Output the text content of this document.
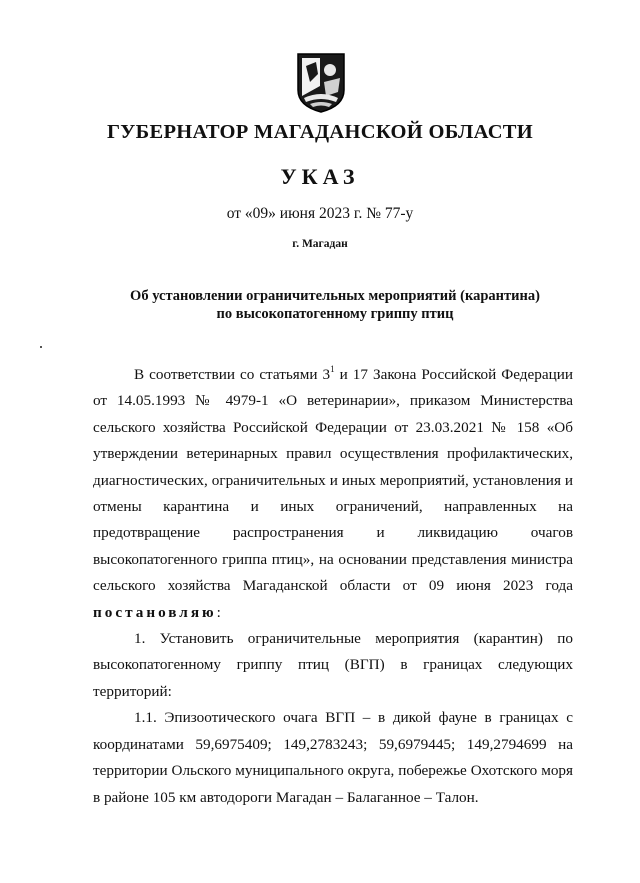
ГУБЕРНАТОР МАГАДАНСКОЙ ОБЛАСТИ
УКАЗ
от «09» июня 2023 г. № 77-у
г. Магадан
Об установлении ограничительных мероприятий (карантина)
по высокопатогенному гриппу птиц

В соответствии со статьями $3^1$ и 17 Закона Российской Федерации от 14.05.1993 № 4979-1 «О ветеринарии», приказом Министерства сельского хозяйства Российской Федерации от 23.03.2021 № 158 «Об утверждении ветеринарных правил осуществления профилактических, диагностических, ограничительных и иных мероприятий, установления и отмены карантина и иных ограничений, направленных на предотвращение распространения и ликвидацию очагов высокопатогенного гриппа птиц», на основании представления министра сельского хозяйства Магаданской области от 09 июня 2023 года постановляю:

1. Установить ограничительные мероприятия (карантин) по высокопатогенному гриппу птиц (ВГП) в границах следующих территорий:

1.1. Эпизоотического очага ВГП – в дикой фауне в границах с координатами 59,6975409; 149,2783243; 59,6979445; 149,2794699 на территории Ольского муниципального округа, побережье Охотского моря в районе 105 км автодороги Магадан – Балаганное – Талон.
